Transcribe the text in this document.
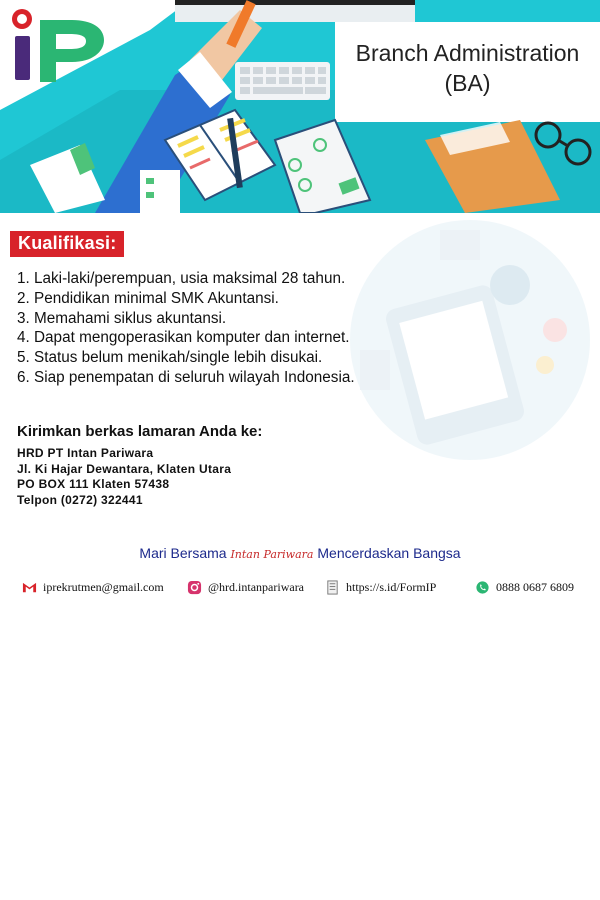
Branch Administration
(BA)
Kualifikasi:
1. Laki-laki/perempuan, usia maksimal 28 tahun.
2. Pendidikan minimal SMK Akuntansi.
3. Memahami siklus akuntansi.
4. Dapat mengoperasikan komputer dan internet.
5. Status belum menikah/single lebih disukai.
6. Siap penempatan di seluruh wilayah Indonesia.
Kirimkan berkas lamaran Anda ke:
HRD PT Intan Pariwara
Jl. Ki Hajar Dewantara, Klaten Utara
PO BOX 111 Klaten 57438
Telpon (0272) 322441
Mari Bersama Intan Pariwara Mencerdaskan Bangsa
iprekrutmen@gmail.com	@hrd.intanpariwara	https://s.id/FormIP	0888 0687 6809
